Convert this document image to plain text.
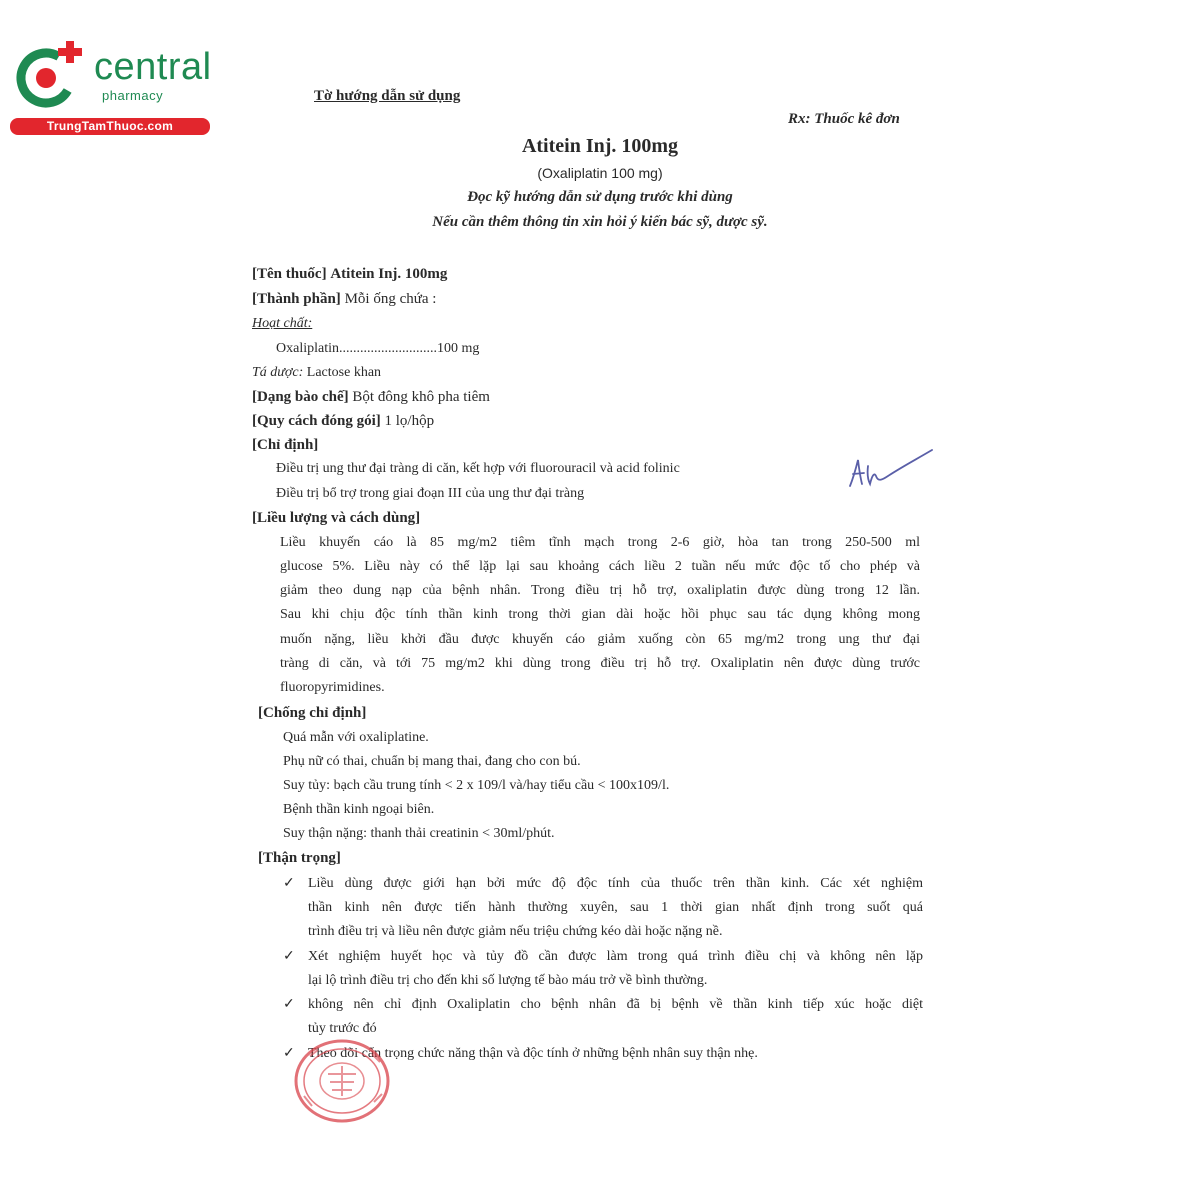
central
pharmacy
TrungTamThuoc.com
Tờ hướng dẫn sử dụng
Rx: Thuốc kê đơn
Atitein Inj. 100mg
(Oxaliplatin 100 mg)
Đọc kỹ hướng dẫn sử dụng trước khi dùng
Nếu cần thêm thông tin xin hỏi ý kiến bác sỹ, dược sỹ.
[Tên thuốc] Atitein Inj. 100mg
[Thành phần] Mỗi ống chứa :
Hoạt chất:
Oxaliplatin............................100 mg
Tá dược: Lactose khan
[Dạng bào chế] Bột đông khô pha tiêm
[Quy cách đóng gói] 1 lọ/hộp
[Chỉ định]
Điều trị ung thư đại tràng di căn, kết hợp với fluorouracil và acid folinic
Điều trị bổ trợ trong giai đoạn III của ung thư đại tràng
[Liều lượng và cách dùng]
Liều khuyến cáo là 85 mg/m2 tiêm tĩnh mạch trong 2-6 giờ, hòa tan trong 250-500 ml
glucose 5%. Liều này có thể lặp lại sau khoảng cách liều 2 tuần nếu mức độc tố cho phép và
giảm theo dung nạp của bệnh nhân. Trong điều trị hỗ trợ, oxaliplatin được dùng trong 12 lần.
Sau khi chịu độc tính thần kinh trong thời gian dài hoặc hồi phục sau tác dụng không mong
muốn nặng, liều khởi đầu được khuyến cáo giảm xuống còn 65 mg/m2 trong ung thư đại
tràng di căn, và tới 75 mg/m2 khi dùng trong điều trị hỗ trợ. Oxaliplatin nên được dùng trước
fluoropyrimidines.
[Chống chỉ định]
Quá mẫn với oxaliplatine.
Phụ nữ có thai, chuẩn bị mang thai, đang cho con bú.
Suy tủy: bạch cầu trung tính < 2 x 109/l và/hay tiểu cầu < 100x109/l.
Bệnh thần kinh ngoại biên.
Suy thận nặng: thanh thải creatinin < 30ml/phút.
[Thận trọng]
✓ Liều dùng được giới hạn bởi mức độ độc tính của thuốc trên thần kinh. Các xét nghiệm
thần kinh nên được tiến hành thường xuyên, sau 1 thời gian nhất định trong suốt quá
trình điều trị và liều nên được giảm nếu triệu chứng kéo dài hoặc nặng nề.
✓ Xét nghiệm huyết học và tủy đồ cần được làm trong quá trình điều chị và không nên lặp
lại lộ trình điều trị cho đến khi số lượng tế bào máu trở về bình thường.
✓ không nên chỉ định Oxaliplatin cho bệnh nhân đã bị bệnh về thần kinh tiếp xúc hoặc diệt
tủy trước đó
✓ Theo dõi cẩn trọng chức năng thận và độc tính ở những bệnh nhân suy thận nhẹ.
